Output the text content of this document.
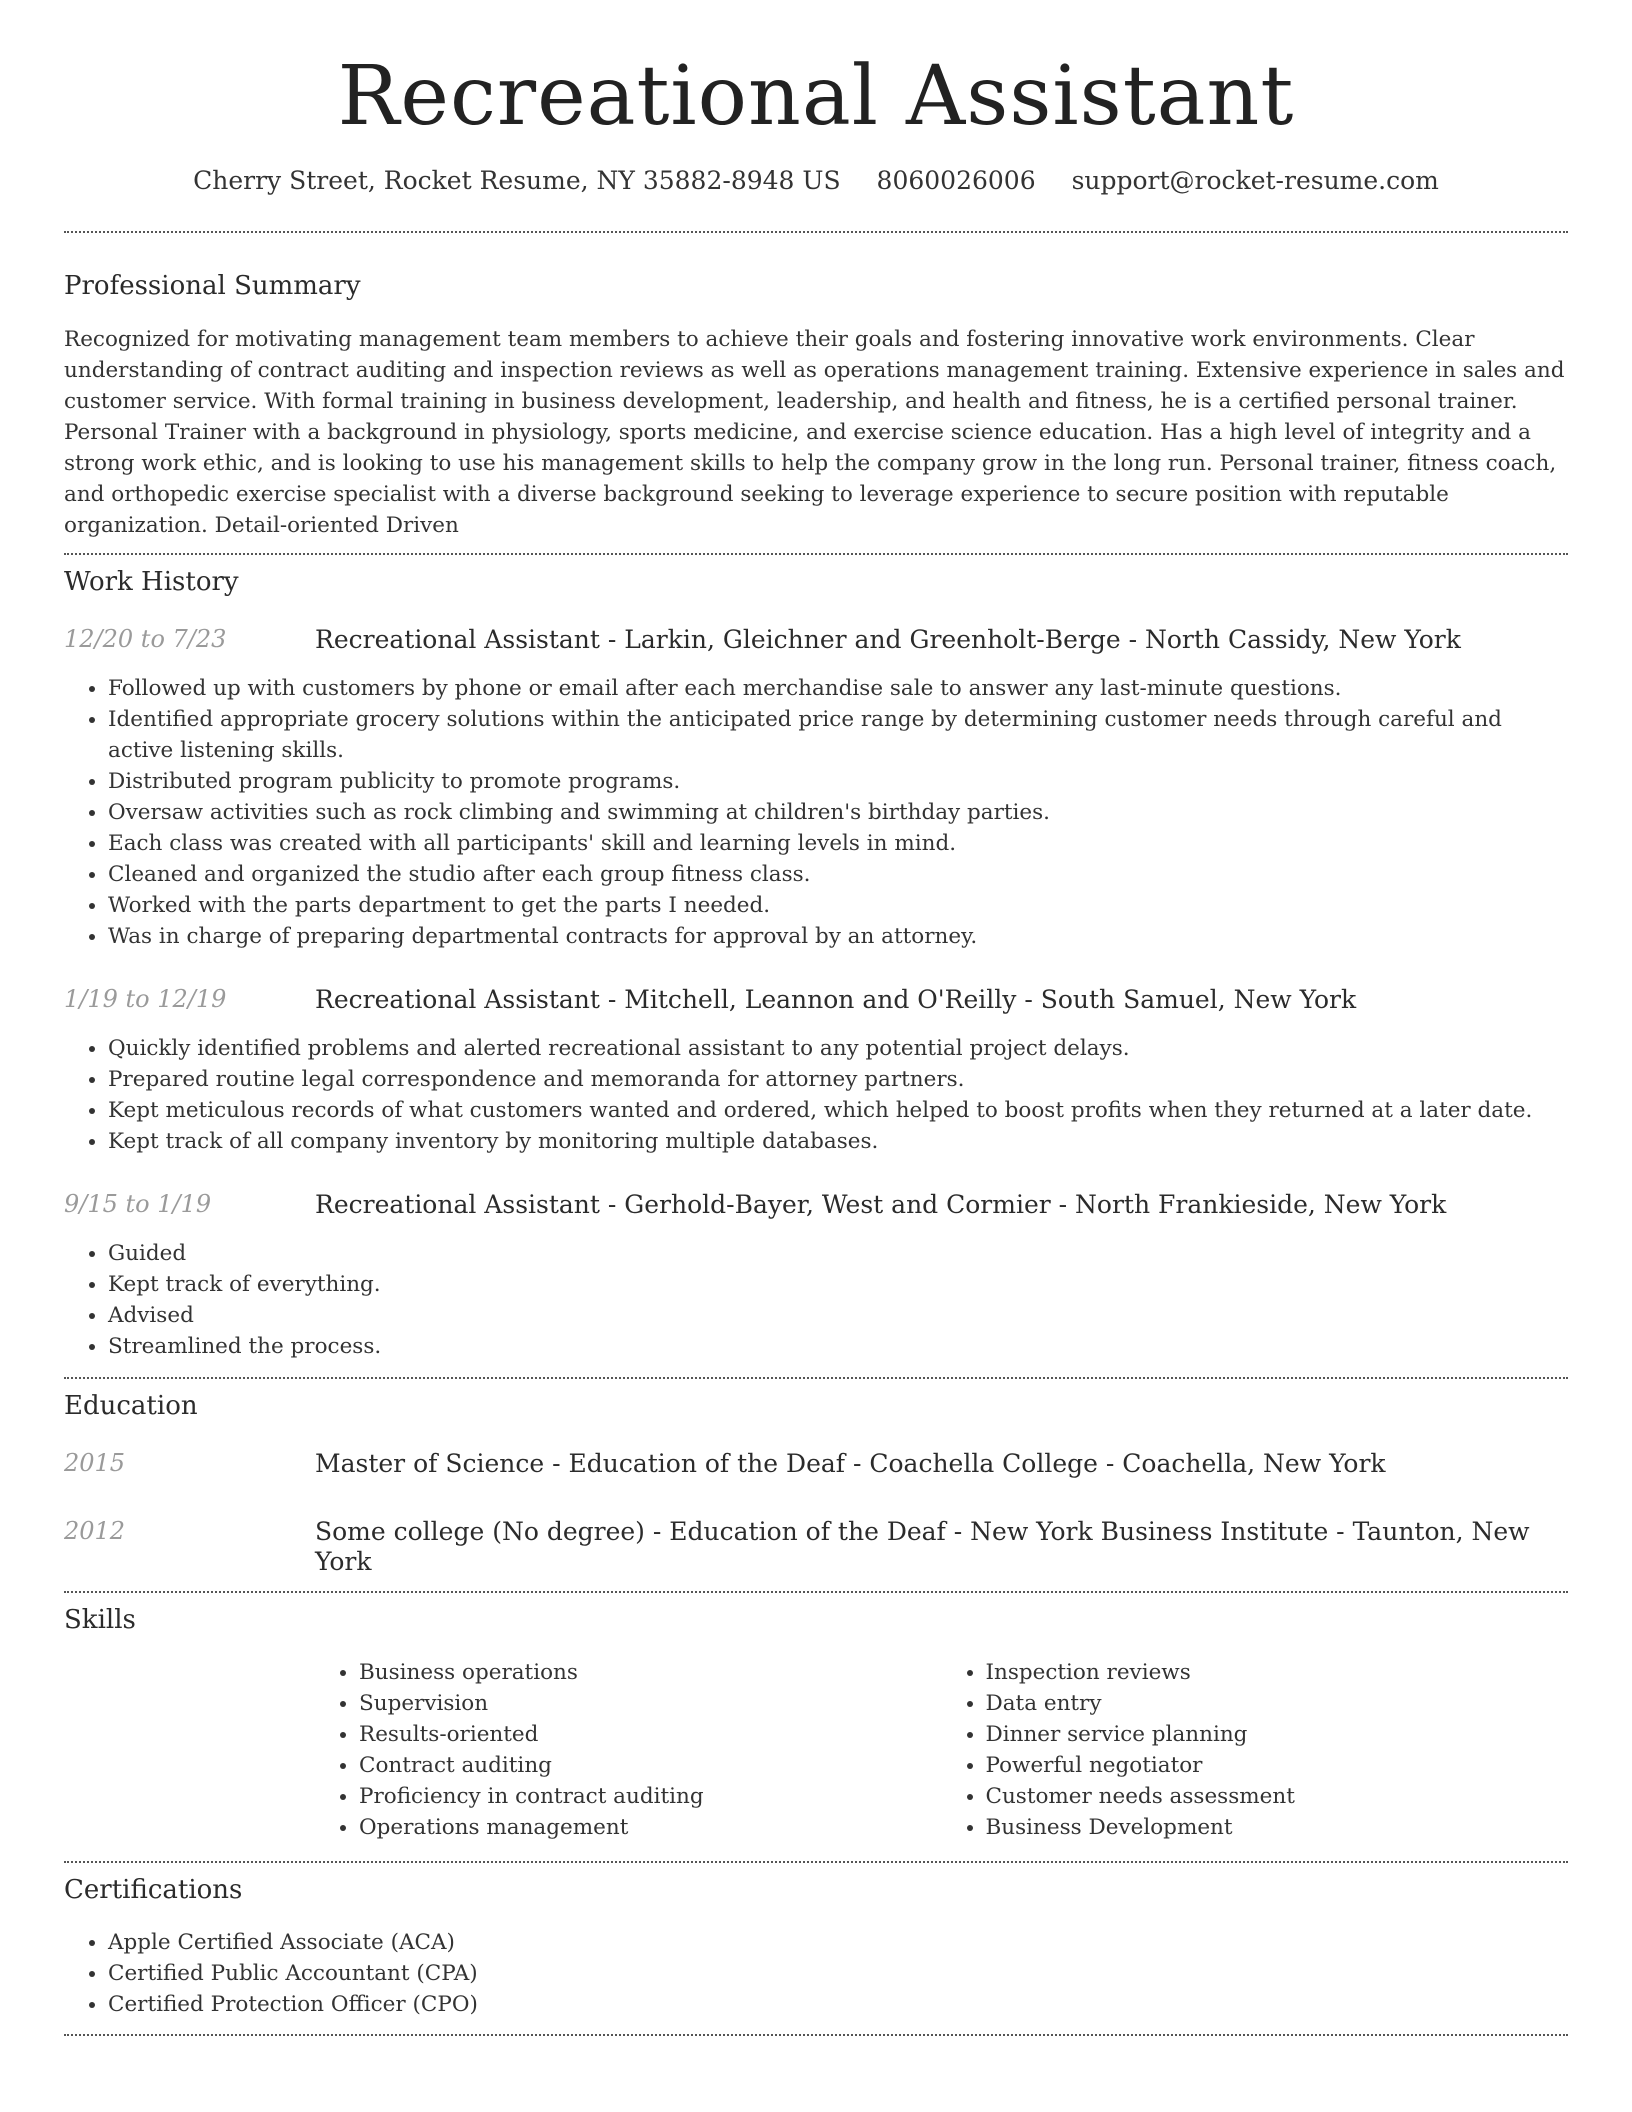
Recreational Assistant
Cherry Street, Rocket Resume, NY 35882-8948 US 8060026006 support@rocket-resume.com
Professional Summary

Recognized for motivating management team members to achieve their goals and fostering innovative work environments. Clear understanding of contract auditing and inspection reviews as well as operations management training. Extensive experience in sales and customer service. With formal training in business development, leadership, and health and fitness, he is a certified personal trainer. Personal Trainer with a background in physiology, sports medicine, and exercise science education. Has a high level of integrity and a strong work ethic, and is looking to use his management skills to help the company grow in the long run. Personal trainer, fitness coach, and orthopedic exercise specialist with a diverse background seeking to leverage experience to secure position with reputable organization. Detail-oriented Driven

Work History
12/20 to 7/23	Recreational Assistant - Larkin, Gleichner and Greenholt-Berge - North Cassidy, New York
• Followed up with customers by phone or email after each merchandise sale to answer any last-minute questions.
• Identified appropriate grocery solutions within the anticipated price range by determining customer needs through careful and active listening skills.
• Distributed program publicity to promote programs.
• Oversaw activities such as rock climbing and swimming at children's birthday parties.
• Each class was created with all participants' skill and learning levels in mind.
• Cleaned and organized the studio after each group fitness class.
• Worked with the parts department to get the parts I needed.
• Was in charge of preparing departmental contracts for approval by an attorney.
1/19 to 12/19	Recreational Assistant - Mitchell, Leannon and O'Reilly - South Samuel, New York
• Quickly identified problems and alerted recreational assistant to any potential project delays.
• Prepared routine legal correspondence and memoranda for attorney partners.
• Kept meticulous records of what customers wanted and ordered, which helped to boost profits when they returned at a later date.
• Kept track of all company inventory by monitoring multiple databases.
9/15 to 1/19	Recreational Assistant - Gerhold-Bayer, West and Cormier - North Frankieside, New York
• Guided
• Kept track of everything.
• Advised
• Streamlined the process.
Education
2015	Master of Science - Education of the Deaf - Coachella College - Coachella, New York
2012	Some college (No degree) - Education of the Deaf - New York Business Institute - Taunton, New York
Skills
• Business operations
• Supervision
• Results-oriented
• Contract auditing
• Proficiency in contract auditing
• Operations management
• Inspection reviews
• Data entry
• Dinner service planning
• Powerful negotiator
• Customer needs assessment
• Business Development
Certifications
• Apple Certified Associate (ACA)
• Certified Public Accountant (CPA)
• Certified Protection Officer (CPO)
